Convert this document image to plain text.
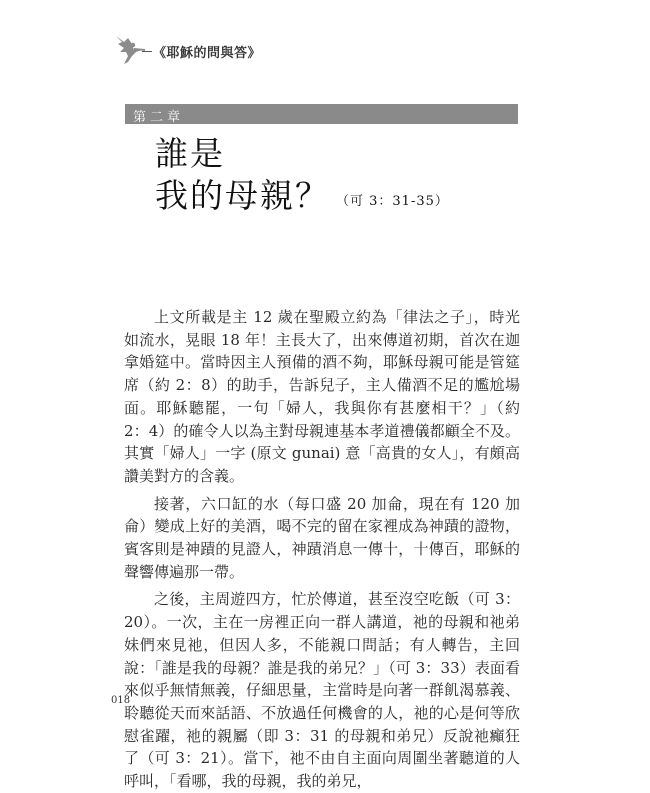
《耶穌的問與答》
第二章
誰是
我的母親？ （可 3：31-35）

上文所載是主 12 歲在聖殿立約為「律法之子」，時光如流水，晃眼 18 年！主長大了，出來傳道初期，首次在迦拿婚筵中。當時因主人預備的酒不夠，耶穌母親可能是管筵席（約 2：8）的助手，告訴兒子，主人備酒不足的尷尬場面。耶穌聽罷，一句「婦人，我與你有甚麼相干？」（約 2：4）的確令人以為主對母親連基本孝道禮儀都顧全不及。其實「婦人」一字 (原文 gunai) 意「高貴的女人」，有頗高讚美對方的含義。

接著，六口缸的水（每口盛 20 加侖，現在有 120 加侖）變成上好的美酒，喝不完的留在家裡成為神蹟的證物，賓客則是神蹟的見證人，神蹟消息一傳十，十傳百，耶穌的聲響傳遍那一帶。

之後，主周遊四方，忙於傳道，甚至沒空吃飯（可 3：20）。一次，主在一房裡正向一群人講道，祂的母親和祂弟妹們來見祂，但因人多，不能親口問話；有人轉告，主回說：「誰是我的母親？誰是我的弟兄？」（可 3：33）表面看來似乎無情無義，仔細思量，主當時是向著一群飢渴慕義、聆聽從天而來話語、不放過任何機會的人，祂的心是何等欣慰雀躍，祂的親屬（即 3：31 的母親和弟兄）反說祂癲狂了（可 3：21）。當下，祂不由自主面向周圍坐著聽道的人呼叫，「看哪，我的母親，我的弟兄，

018
